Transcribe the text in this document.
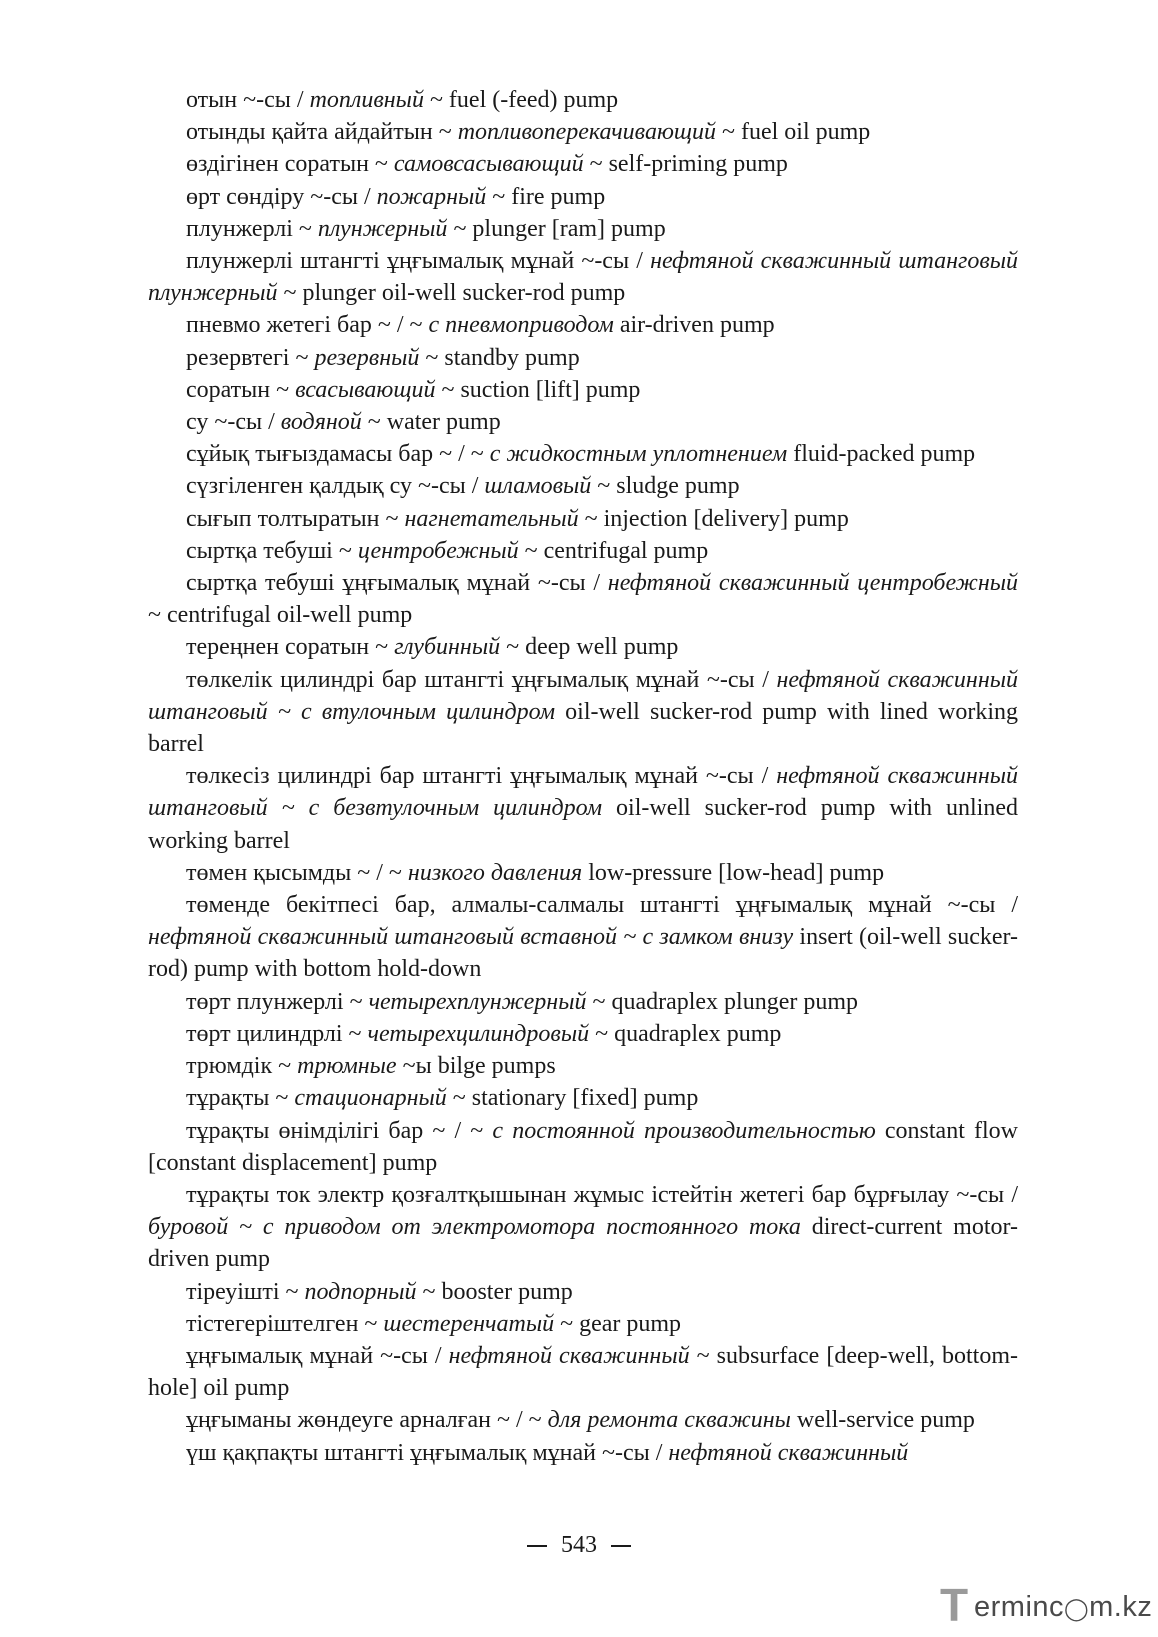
отын ~-сы / топливный ~ fuel (-feed) pump

отынды қайта айдайтын ~ топливоперекачивающий ~ fuel oil pump

өздігінен соратын ~ самовсасывающий ~ self-priming pump

өрт сөндіру ~-сы / пожарный ~ fire pump

плунжерлі ~ плунжерный ~ plunger [ram] pump

плунжерлі штангті ұңғымалық мұнай ~-сы / нефтяной скважинный штанговый плунжерный ~ plunger oil-well sucker-rod pump

пневмо жетегі бар ~ / ~ с пневмоприводом air-driven pump

резервтегі ~ резервный ~ standby pump

соратын ~ всасывающий ~ suction [lift] pump

су ~-сы / водяной ~ water pump

сұйық тығыздамасы бар ~ / ~ с жидкостным уплотнением fluid-packed pump

сүзгіленген қалдық су ~-сы / шламовый ~ sludge pump

сығып толтыратын ~ нагнетательный ~ injection [delivery] pump

сыртқа тебуші ~ центробежный ~ centrifugal pump

сыртқа тебуші ұңғымалық мұнай ~-сы / нефтяной скважинный центробежный ~ centrifugal oil-well pump

тереңнен соратын ~ глубинный ~ deep well pump

төлкелік цилиндрі бар штангті ұңғымалық мұнай ~-сы / нефтяной скважинный штанговый ~ с втулочным цилиндром oil-well sucker-rod pump with lined working barrel

төлкесіз цилиндрі бар штангті ұңғымалық мұнай ~-сы / нефтяной скважинный штанговый ~ с безвтулочным цилиндром oil-well sucker-rod pump with unlined working barrel

төмен қысымды ~ / ~ низкого давления low-pressure [low-head] pump

төменде бекітпесі бар, алмалы-салмалы штангті ұңғымалық мұнай ~-сы / нефтяной скважинный штанговый вставной ~ с замком внизу insert (oil-well sucker-rod) pump with bottom hold-down

төрт плунжерлі ~ четырехплунжерный ~ quadraplex plunger pump

төрт цилиндрлі ~ четырехцилиндровый ~ quadraplex pump

трюмдік ~ трюмные ~ы bilge pumps

тұрақты ~ стационарный ~ stationary [fixed] pump

тұрақты өнімділігі бар ~ / ~ с постоянной производительностью constant flow [constant displacement] pump

тұрақты ток электр қозғалтқышынан жұмыс істейтін жетегі бар бұрғылау ~-сы / буровой ~ с приводом от электромотора постоянного тока direct-current motor-driven pump

тіреуішті ~ подпорный ~ booster pump

тістегерiштелген ~ шестеренчатый ~ gear pump

ұңғымалық мұнай ~-сы / нефтяной скважинный ~ subsurface [deep-well, bottom-hole] oil pump

ұңғыманы жөндеуге арналған ~ / ~ для ремонта скважины well-service pump

үш қақпақты штангті ұңғымалық мұнай ~-сы / нефтяной скважинный

543
T erminc◯m.kz
